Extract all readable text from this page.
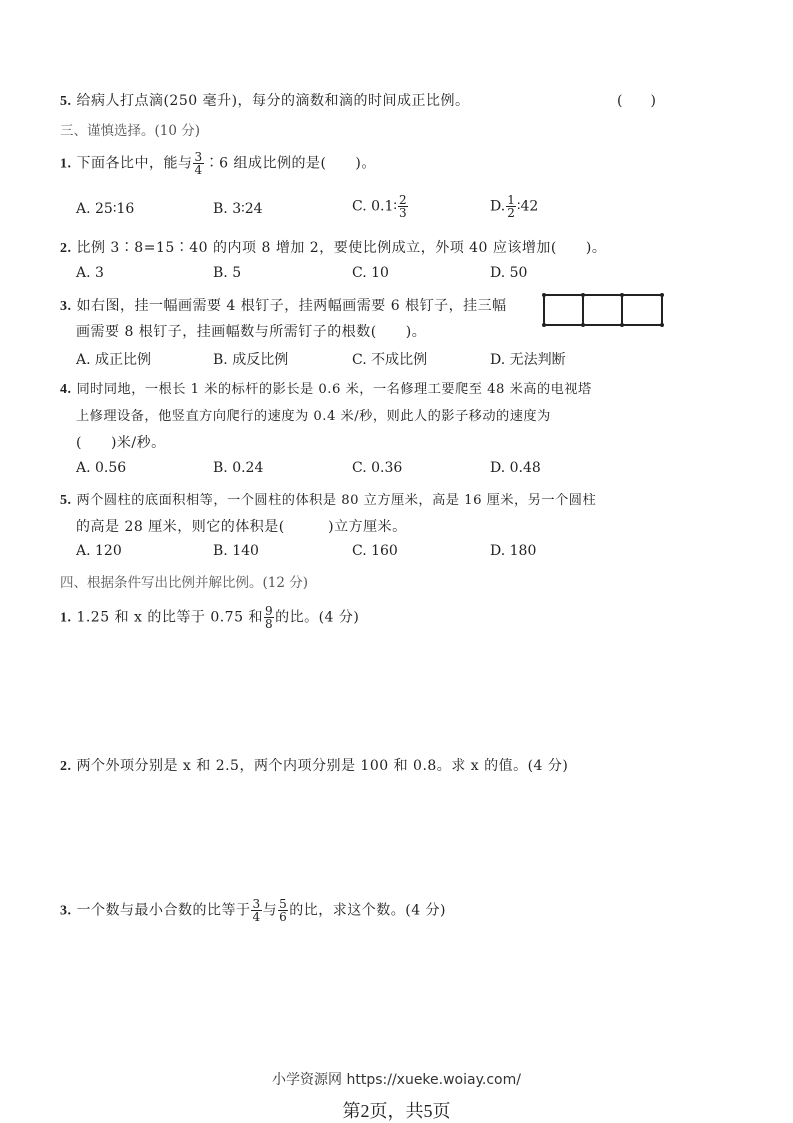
5. 给病人打点滴(250 毫升)，每分的滴数和滴的时间成正比例。	(　　)
三、谨慎选择。(10 分)
1. 下面各比中，能与 $\frac{3}{4}$ ∶6 组成比例的是(　　)。
A. 25∶16	B. 3∶24	C. 0.1∶ $\frac{2}{3}$	D. $\frac{1}{2}$ ∶42
2. 比例 3∶8=15∶40 的内项 8 增加 2，要使比例成立，外项 40 应该增加(　　)。
A. 3	B. 5	C. 10	D. 50
3. 如右图，挂一幅画需要 4 根钉子，挂两幅画需要 6 根钉子，挂三幅
画需要 8 根钉子，挂画幅数与所需钉子的根数(　　)。
A. 成正比例	B. 成反比例	C. 不成比例	D. 无法判断
4. 同时同地，一根长 1 米的标杆的影长是 0.6 米，一名修理工要爬至 48 米高的电视塔
上修理设备，他竖直方向爬行的速度为 0.4 米/秒，则此人的影子移动的速度为
(　　)米/秒。
A. 0.56	B. 0.24	C. 0.36	D. 0.48
5. 两个圆柱的底面积相等，一个圆柱的体积是 80 立方厘米，高是 16 厘米，另一个圆柱
的高是 28 厘米，则它的体积是(　　　)立方厘米。
A. 120	B. 140	C. 160	D. 180
四、根据条件写出比例并解比例。(12 分)
1. 1.25 和 x 的比等于 0.75 和 $\frac{9}{8}$ 的比。(4 分)
2. 两个外项分别是 x 和 2.5，两个内项分别是 100 和 0.8。求 x 的值。(4 分)
3. 一个数与最小合数的比等于 $\frac{3}{4}$ 与 $\frac{5}{6}$ 的比，求这个数。(4 分)
小学资源网 https://xueke.woiay.com/
第2页，共5页
